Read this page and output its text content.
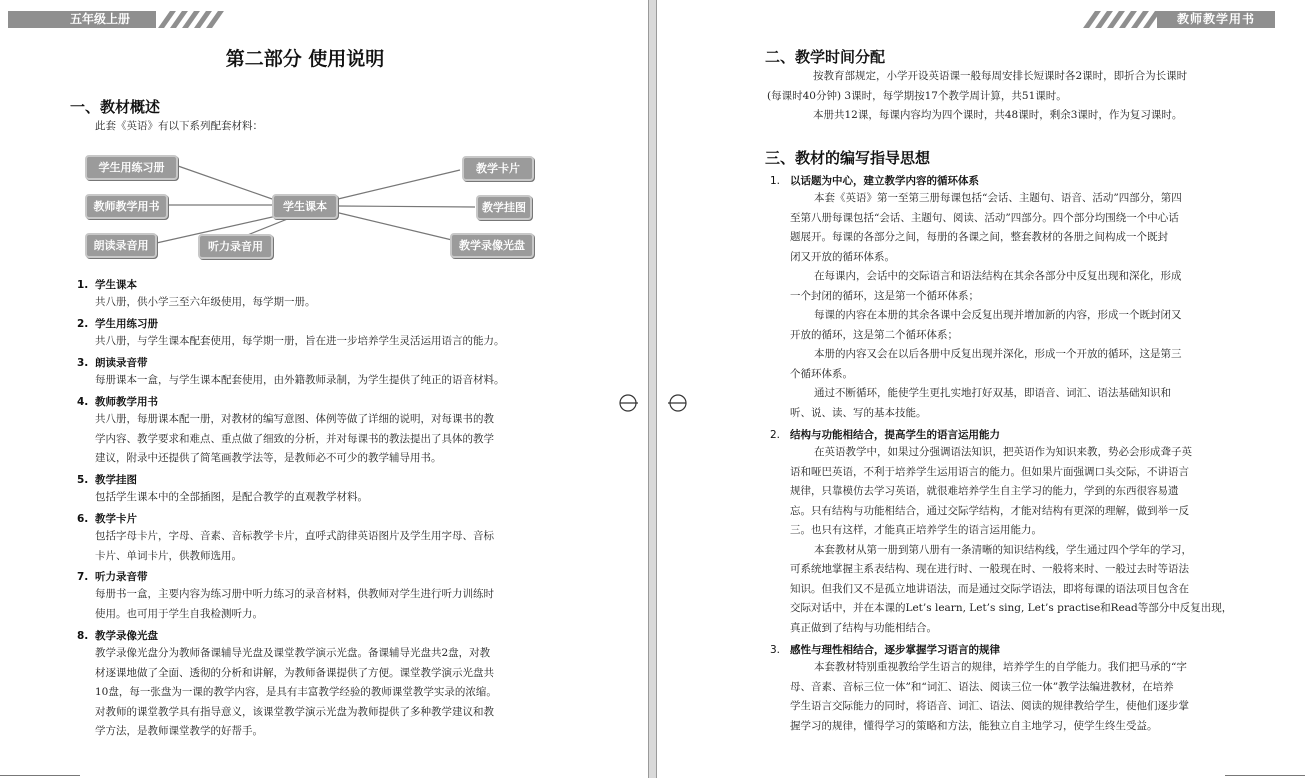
五年级上册
第二部分 使用说明
一、教材概述

此套《英语》有以下系列配套材料：

学生课本
学生用练习册
教师教学用书
朗读录音用	听力录音用
教学卡片
教学挂图
教学录像光盘
1. 学生课本
共八册，供小学三至六年级使用，每学期一册。
2. 学生用练习册
共八册，与学生课本配套使用，每学期一册，旨在进一步培养学生灵活运用语言的能力。
3. 朗读录音带
每册课本一盒，与学生课本配套使用，由外籍教师录制，为学生提供了纯正的语音材料。
4. 教师教学用书
共八册，每册课本配一册，对教材的编写意图、体例等做了详细的说明，对每课书的教
学内容、教学要求和难点、重点做了细致的分析，并对每课书的教法提出了具体的教学
建议，附录中还提供了简笔画教学法等，是教师必不可少的教学辅导用书。
5. 教学挂图
包括学生课本中的全部插图，是配合教学的直观教学材料。
6. 教学卡片
包括字母卡片，字母、音素、音标教学卡片，直呼式韵律英语图片及学生用字母、音标
卡片、单词卡片，供教师选用。
7. 听力录音带
每册书一盒，主要内容为练习册中听力练习的录音材料，供教师对学生进行听力训练时
使用。也可用于学生自我检测听力。
8. 教学录像光盘
教学录像光盘分为教师备课辅导光盘及课堂教学演示光盘。备课辅导光盘共2盘，对教
材逐课地做了全面、透彻的分析和讲解，为教师备课提供了方便。课堂教学演示光盘共
10盘，每一张盘为一课的教学内容，是具有丰富教学经验的教师课堂教学实录的浓缩。
对教师的课堂教学具有指导意义，该课堂教学演示光盘为教师提供了多种教学建议和教
学方法，是教师课堂教学的好帮手。
教师教学用书
二、教学时间分配
按教育部规定，小学开设英语课一般每周安排长短课时各2课时，即折合为长课时
(每课时40分钟) 3课时，每学期按17个教学周计算，共51课时。
本册共12课，每课内容均为四个课时，共48课时，剩余3课时，作为复习课时。
三、教材的编写指导思想
1. 以话题为中心，建立教学内容的循环体系
本套《英语》第一至第三册每课包括“会话、主题句、语音、活动”四部分，第四
至第八册每课包括“会话、主题句、阅读、活动”四部分。四个部分均围绕一个中心话
题展开。每课的各部分之间，每册的各课之间，整套教材的各册之间构成一个既封
闭又开放的循环体系。
在每课内，会话中的交际语言和语法结构在其余各部分中反复出现和深化，形成
一个封闭的循环，这是第一个循环体系；
每课的内容在本册的其余各课中会反复出现并增加新的内容，形成一个既封闭又
开放的循环，这是第二个循环体系；
本册的内容又会在以后各册中反复出现并深化，形成一个开放的循环，这是第三
个循环体系。
通过不断循环，能使学生更扎实地打好双基，即语音、词汇、语法基础知识和
听、说、读、写的基本技能。
2. 结构与功能相结合，提高学生的语言运用能力
在英语教学中，如果过分强调语法知识，把英语作为知识来教，势必会形成聋子英
语和哑巴英语，不利于培养学生运用语言的能力。但如果片面强调口头交际，不讲语言
规律，只靠模仿去学习英语，就很难培养学生自主学习的能力，学到的东西很容易遗
忘。只有结构与功能相结合，通过交际学结构，才能对结构有更深的理解，做到举一反
三。也只有这样，才能真正培养学生的语言运用能力。
本套教材从第一册到第八册有一条清晰的知识结构线，学生通过四个学年的学习，
可系统地掌握主系表结构、现在进行时、一般现在时、一般将来时、一般过去时等语法
知识。但我们又不是孤立地讲语法，而是通过交际学语法，即将每课的语法项目包含在
交际对话中，并在本课的Let’s learn, Let’s sing, Let’s practise和Read等部分中反复出现，
真正做到了结构与功能相结合。
3. 感性与理性相结合，逐步掌握学习语言的规律
本套教材特别重视教给学生语言的规律，培养学生的自学能力。我们把马承的“字
母、音素、音标三位一体”和“词汇、语法、阅读三位一体”教学法编进教材，在培养
学生语言交际能力的同时，将语音、词汇、语法、阅读的规律教给学生，使他们逐步掌
握学习的规律，懂得学习的策略和方法，能独立自主地学习，使学生终生受益。
